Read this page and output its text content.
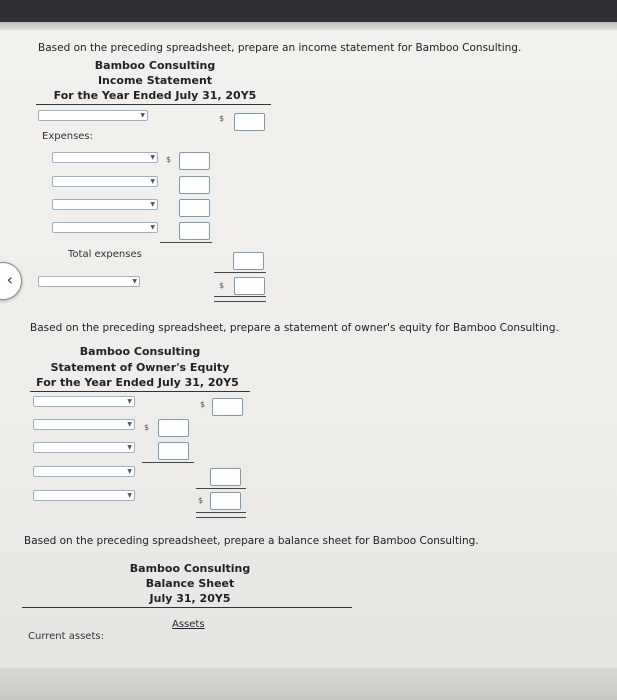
Based on the preceding spreadsheet, prepare an income statement for Bamboo Consulting.
Bamboo Consulting
Income Statement
For the Year Ended July 31, 20Y5
▼	$
Expenses:
▼ $
▼
▼
▼
Total expenses
▼	$
‹
Based on the preceding spreadsheet, prepare a statement of owner's equity for Bamboo Consulting.
Bamboo Consulting
Statement of Owner's Equity
For the Year Ended July 31, 20Y5
▼	$
▼ $
▼
▼
▼
$
Based on the preceding spreadsheet, prepare a balance sheet for Bamboo Consulting.
Bamboo Consulting
Balance Sheet
July 31, 20Y5
Assets
Current assets:
